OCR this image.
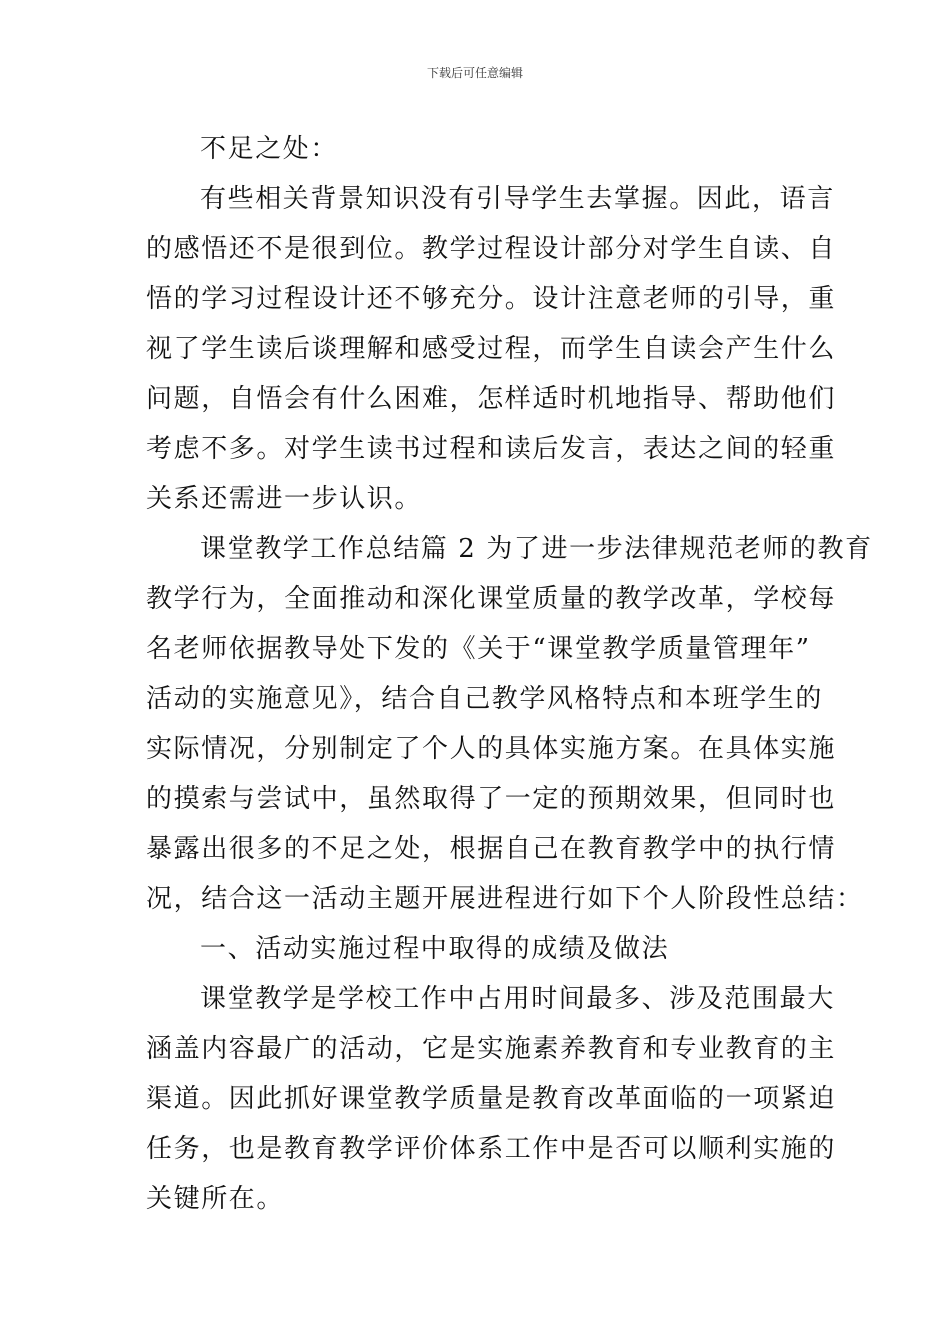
下载后可任意编辑
不足之处：
有些相关背景知识没有引导学生去掌握。因此，语言
的感悟还不是很到位。教学过程设计部分对学生自读、自
悟的学习过程设计还不够充分。设计注意老师的引导，重
视了学生读后谈理解和感受过程，而学生自读会产生什么
问题，自悟会有什么困难，怎样适时机地指导、帮助他们
考虑不多。对学生读书过程和读后发言，表达之间的轻重
关系还需进一步认识。
课堂教学工作总结篇 2 为了进一步法律规范老师的教育
教学行为，全面推动和深化课堂质量的教学改革，学校每
名老师依据教导处下发的《关于“课堂教学质量管理年”
活动的实施意见》，结合自己教学风格特点和本班学生的
实际情况，分别制定了个人的具体实施方案。在具体实施
的摸索与尝试中，虽然取得了一定的预期效果，但同时也
暴露出很多的不足之处，根据自己在教育教学中的执行情
况，结合这一活动主题开展进程进行如下个人阶段性总结：
一、活动实施过程中取得的成绩及做法
课堂教学是学校工作中占用时间最多、涉及范围最大
涵盖内容最广的活动，它是实施素养教育和专业教育的主
渠道。因此抓好课堂教学质量是教育改革面临的一项紧迫
任务，也是教育教学评价体系工作中是否可以顺利实施的
关键所在。
